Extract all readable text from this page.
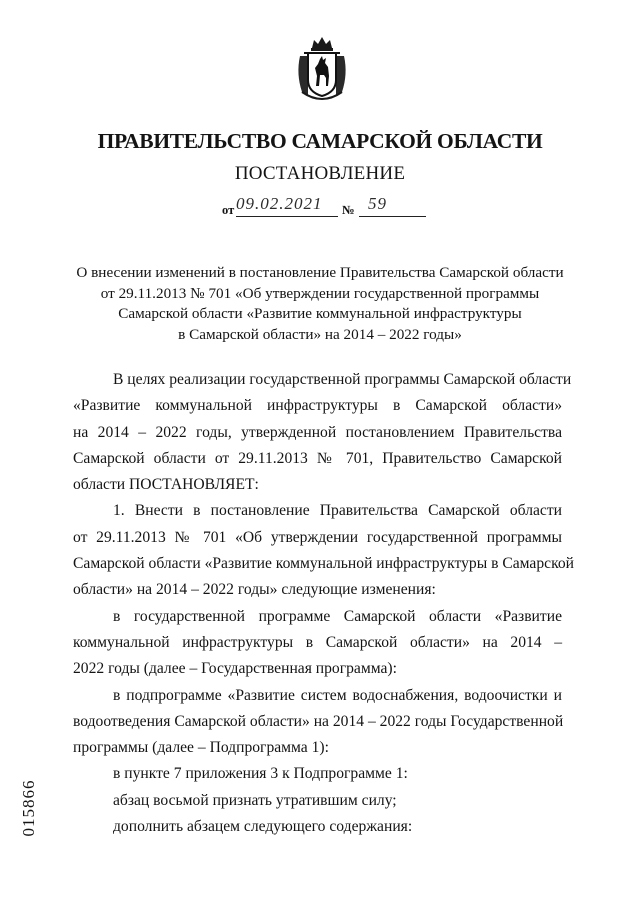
ПРАВИТЕЛЬСТВО САМАРСКОЙ ОБЛАСТИ
ПОСТАНОВЛЕНИЕ
от 09.02.2021 № 59
О внесении изменений в постановление Правительства Самарской области
от 29.11.2013 № 701 «Об утверждении государственной программы
Самарской области «Развитие коммунальной инфраструктуры
в Самарской области» на 2014 – 2022 годы»
В целях реализации государственной программы Самарской области
«Развитие коммунальной инфраструктуры в Самарской области»
на 2014 – 2022 годы, утвержденной постановлением Правительства
Самарской области от 29.11.2013 № 701, Правительство Самарской
области ПОСТАНОВЛЯЕТ:
1. Внести в постановление Правительства Самарской области
от 29.11.2013 № 701 «Об утверждении государственной программы
Самарской области «Развитие коммунальной инфраструктуры в Самарской
области» на 2014 – 2022 годы» следующие изменения:
в государственной программе Самарской области «Развитие
коммунальной инфраструктуры в Самарской области» на 2014 –
2022 годы (далее – Государственная программа):
в подпрограмме «Развитие систем водоснабжения, водоочистки и
водоотведения Самарской области» на 2014 – 2022 годы Государственной
программы (далее – Подпрограмма 1):
в пункте 7 приложения 3 к Подпрограмме 1:
абзац восьмой признать утратившим силу;
дополнить абзацем следующего содержания:
015866
